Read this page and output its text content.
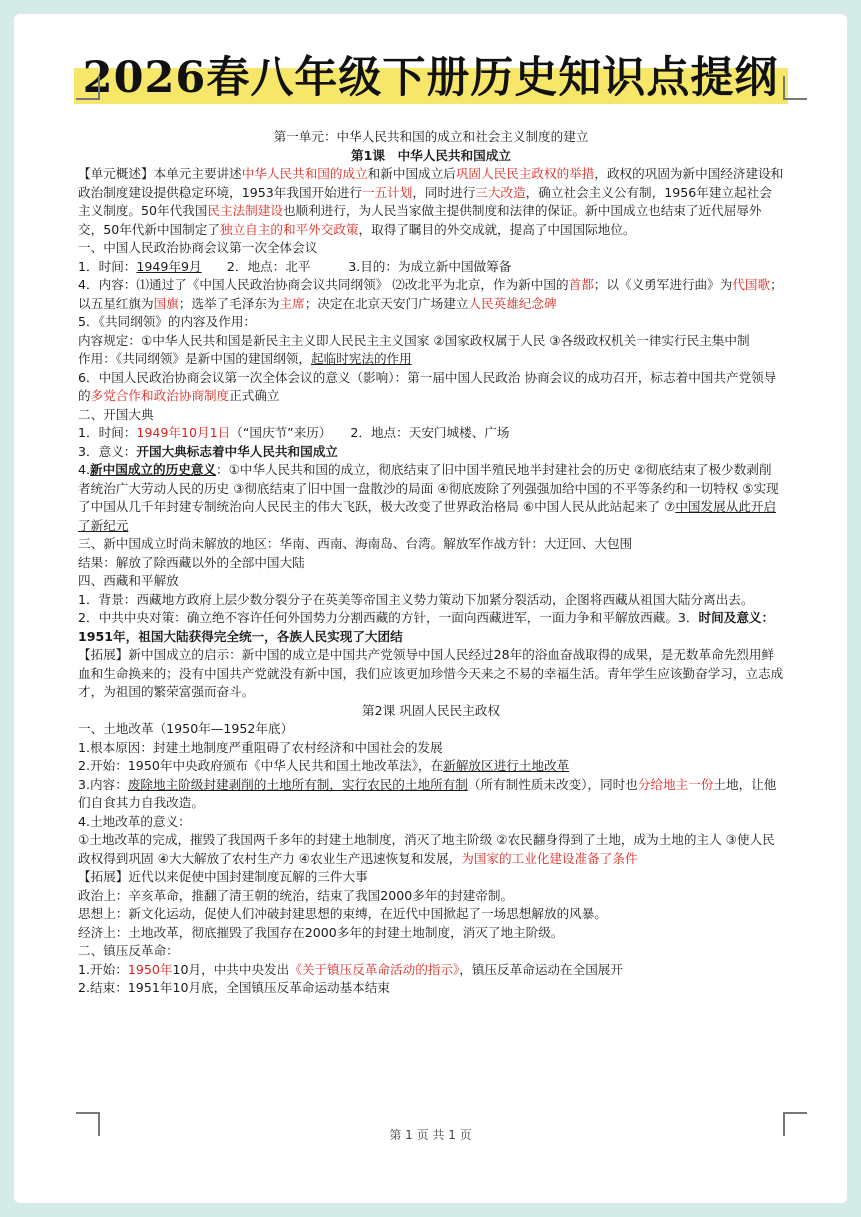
2026春八年级下册历史知识点提纲

第一单元：中华人民共和国的成立和社会主义制度的建立

第1课　中华人民共和国成立

【单元概述】本单元主要讲述中华人民共和国的成立和新中国成立后巩固人民民主政权的举措，政权的巩固为新中国经济建设和政治制度建设提供稳定环境，1953年我国开始进行一五计划，同时进行三大改造，确立社会主义公有制，1956年建立起社会主义制度。50年代我国民主法制建设也顺利进行，为人民当家做主提供制度和法律的保证。新中国成立也结束了近代屈辱外交，50年代新中国制定了独立自主的和平外交政策，取得了瞩目的外交成就，提高了中国国际地位。

一、中国人民政治协商会议第一次全体会议

1．时间：1949年9月　　2．地点：北平　　　3.目的：为成立新中国做筹备

4．内容：⑴通过了《中国人民政治协商会议共同纲领》 ⑵改北平为北京，作为新中国的首都；以《义勇军进行曲》为代国歌；以五星红旗为国旗；选举了毛泽东为主席；决定在北京天安门广场建立人民英雄纪念碑

5．《共同纲领》的内容及作用：

内容规定：①中华人民共和国是新民主主义即人民民主主义国家 ②国家政权属于人民 ③各级政权机关一律实行民主集中制

作用：《共同纲领》是新中国的建国纲领，起临时宪法的作用

6．中国人民政治协商会议第一次全体会议的意义（影响）：第一届中国人民政治 协商会议的成功召开，标志着中国共产党领导的多党合作和政治协商制度正式确立

二、开国大典

1．时间：1949年10月1日（“国庆节”来历）　　2．地点：天安门城楼、广场

3．意义：开国大典标志着中华人民共和国成立

4.新中国成立的历史意义：①中华人民共和国的成立，彻底结束了旧中国半殖民地半封建社会的历史 ②彻底结束了极少数剥削者统治广大劳动人民的历史 ③彻底结束了旧中国一盘散沙的局面 ④彻底废除了列强强加给中国的不平等条约和一切特权 ⑤实现了中国从几千年封建专制统治向人民民主的伟大飞跃，极大改变了世界政治格局 ⑥中国人民从此站起来了 ⑦中国发展从此开启了新纪元

三、新中国成立时尚未解放的地区：华南、西南、海南岛、台湾。解放军作战方针：大迂回、大包围

结果：解放了除西藏以外的全部中国大陆

四、西藏和平解放

1．背景：西藏地方政府上层少数分裂分子在英美等帝国主义势力策动下加紧分裂活动，企图将西藏从祖国大陆分离出去。

2．中共中央对策：确立绝不容许任何外国势力分割西藏的方针，一面向西藏进军，一面力争和平解放西藏。3．时间及意义：1951年，祖国大陆获得完全统一，各族人民实现了大团结

【拓展】新中国成立的启示：新中国的成立是中国共产党领导中国人民经过28年的浴血奋战取得的成果，是无数革命先烈用鲜血和生命换来的；没有中国共产党就没有新中国，我们应该更加珍惜今天来之不易的幸福生活。青年学生应该勤奋学习，立志成才，为祖国的繁荣富强而奋斗。

第2课 巩固人民民主政权

一、土地改革（1950年—1952年底）

1.根本原因：封建土地制度严重阻碍了农村经济和中国社会的发展

2.开始：1950年中央政府颁布《中华人民共和国土地改革法》，在新解放区进行土地改革

3.内容：废除地主阶级封建剥削的土地所有制，实行农民的土地所有制（所有制性质未改变），同时也分给地主一份土地，让他们自食其力自我改造。

4.土地改革的意义：

①土地改革的完成，摧毁了我国两千多年的封建土地制度，消灭了地主阶级 ②农民翻身得到了土地，成为土地的主人 ③使人民政权得到巩固 ④大大解放了农村生产力 ④农业生产迅速恢复和发展，为国家的工业化建设准备了条件

【拓展】近代以来促使中国封建制度瓦解的三件大事

政治上：辛亥革命，推翻了清王朝的统治，结束了我国2000多年的封建帝制。

思想上：新文化运动，促使人们冲破封建思想的束缚，在近代中国掀起了一场思想解放的风暴。

经济上：土地改革，彻底摧毁了我国存在2000多年的封建土地制度，消灭了地主阶级。

二、镇压反革命：

1.开始：1950年10月，中共中央发出《关于镇压反革命活动的指示》，镇压反革命运动在全国展开

2.结束：1951年10月底，全国镇压反革命运动基本结束

第 1 页 共 1 页
